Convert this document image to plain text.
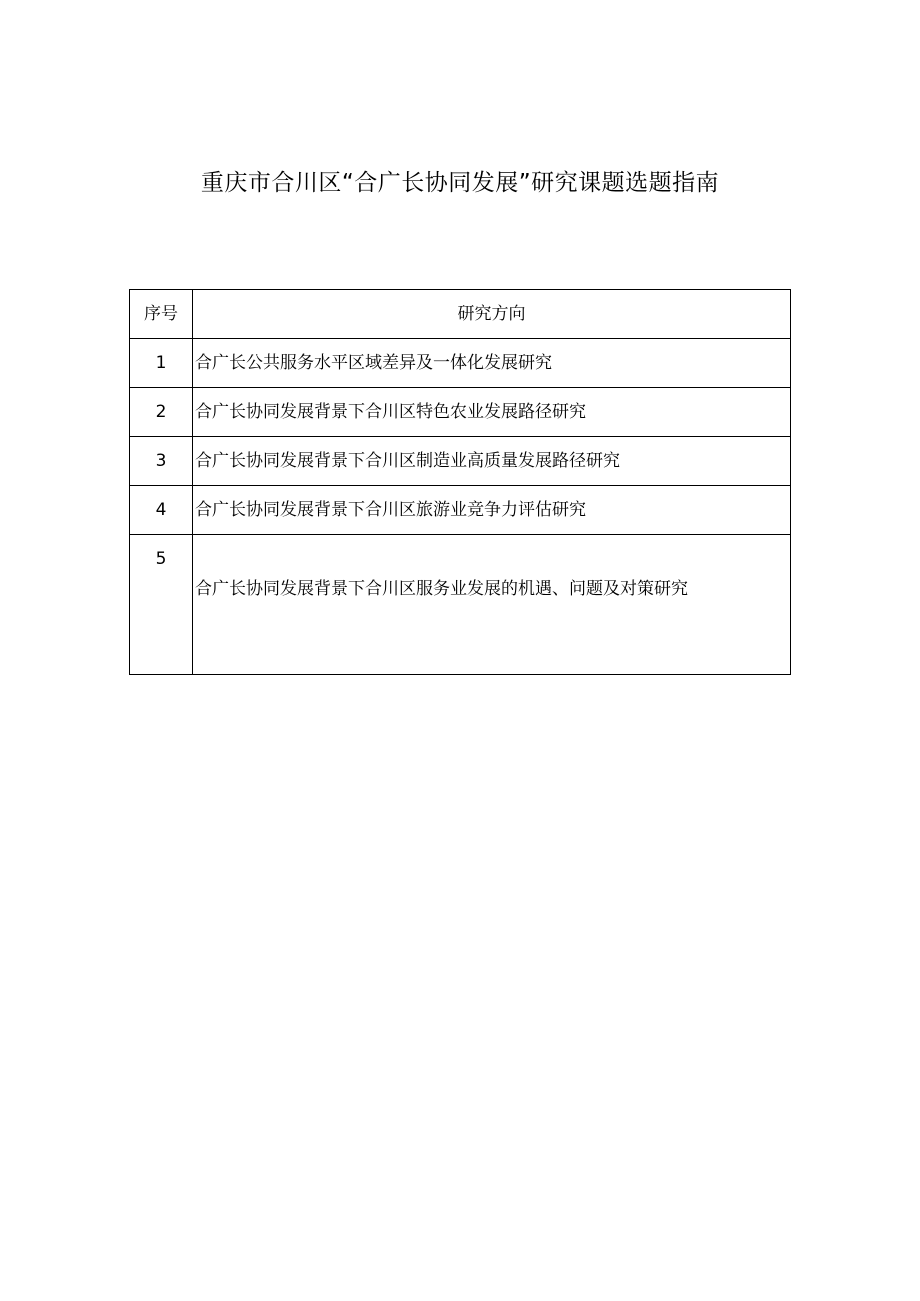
重庆市合川区“合广长协同发展”研究课题选题指南
序号	研究方向
1	合广长公共服务水平区域差异及一体化发展研究
2	合广长协同发展背景下合川区特色农业发展路径研究
3	合广长协同发展背景下合川区制造业高质量发展路径研究
4	合广长协同发展背景下合川区旅游业竞争力评估研究
5	合广长协同发展背景下合川区服务业发展的机遇、问题及对策研究
